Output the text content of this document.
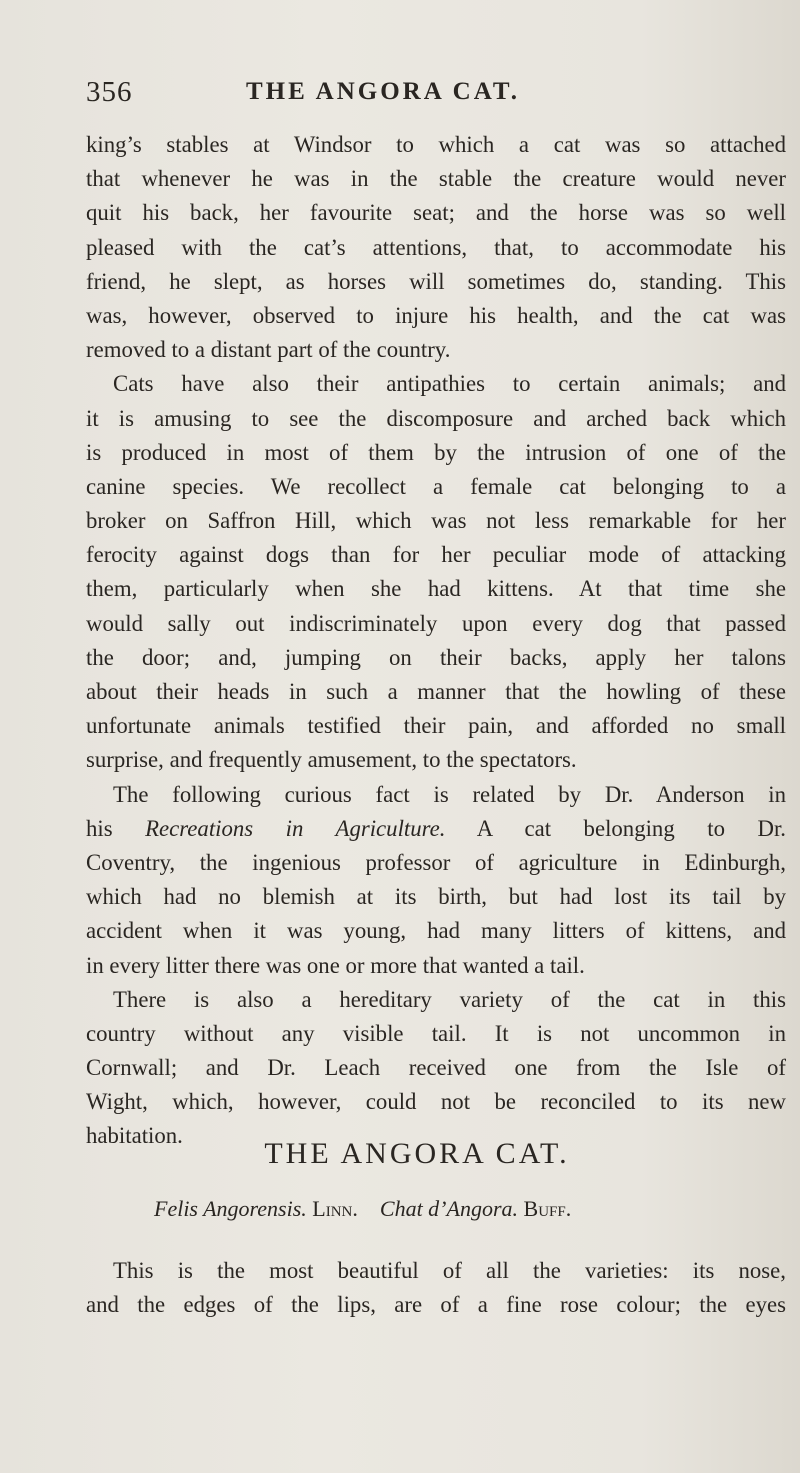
356	THE ANGORA CAT.
king’s stables at Windsor to which a cat was so attached
that whenever he was in the stable the creature would never
quit his back, her favourite seat; and the horse was so well
pleased with the cat’s attentions, that, to accommodate his
friend, he slept, as horses will sometimes do, standing. This
was, however, observed to injure his health, and the cat was
removed to a distant part of the country.
Cats have also their antipathies to certain animals; and
it is amusing to see the discomposure and arched back which
is produced in most of them by the intrusion of one of the
canine species. We recollect a female cat belonging to a
broker on Saffron Hill, which was not less remarkable for her
ferocity against dogs than for her peculiar mode of attacking
them, particularly when she had kittens. At that time she
would sally out indiscriminately upon every dog that passed
the door; and, jumping on their backs, apply her talons
about their heads in such a manner that the howling of these
unfortunate animals testified their pain, and afforded no small
surprise, and frequently amusement, to the spectators.
The following curious fact is related by Dr. Anderson in
his Recreations in Agriculture. A cat belonging to Dr.
Coventry, the ingenious professor of agriculture in Edinburgh,
which had no blemish at its birth, but had lost its tail by
accident when it was young, had many litters of kittens, and
in every litter there was one or more that wanted a tail.
There is also a hereditary variety of the cat in this
country without any visible tail. It is not uncommon in
Cornwall; and Dr. Leach received one from the Isle of
Wight, which, however, could not be reconciled to its new
habitation.
THE ANGORA CAT.
Felis Angorensis. Linn. Chat d’Angora. Buff.
This is the most beautiful of all the varieties: its nose,
and the edges of the lips, are of a fine rose colour; the eyes
